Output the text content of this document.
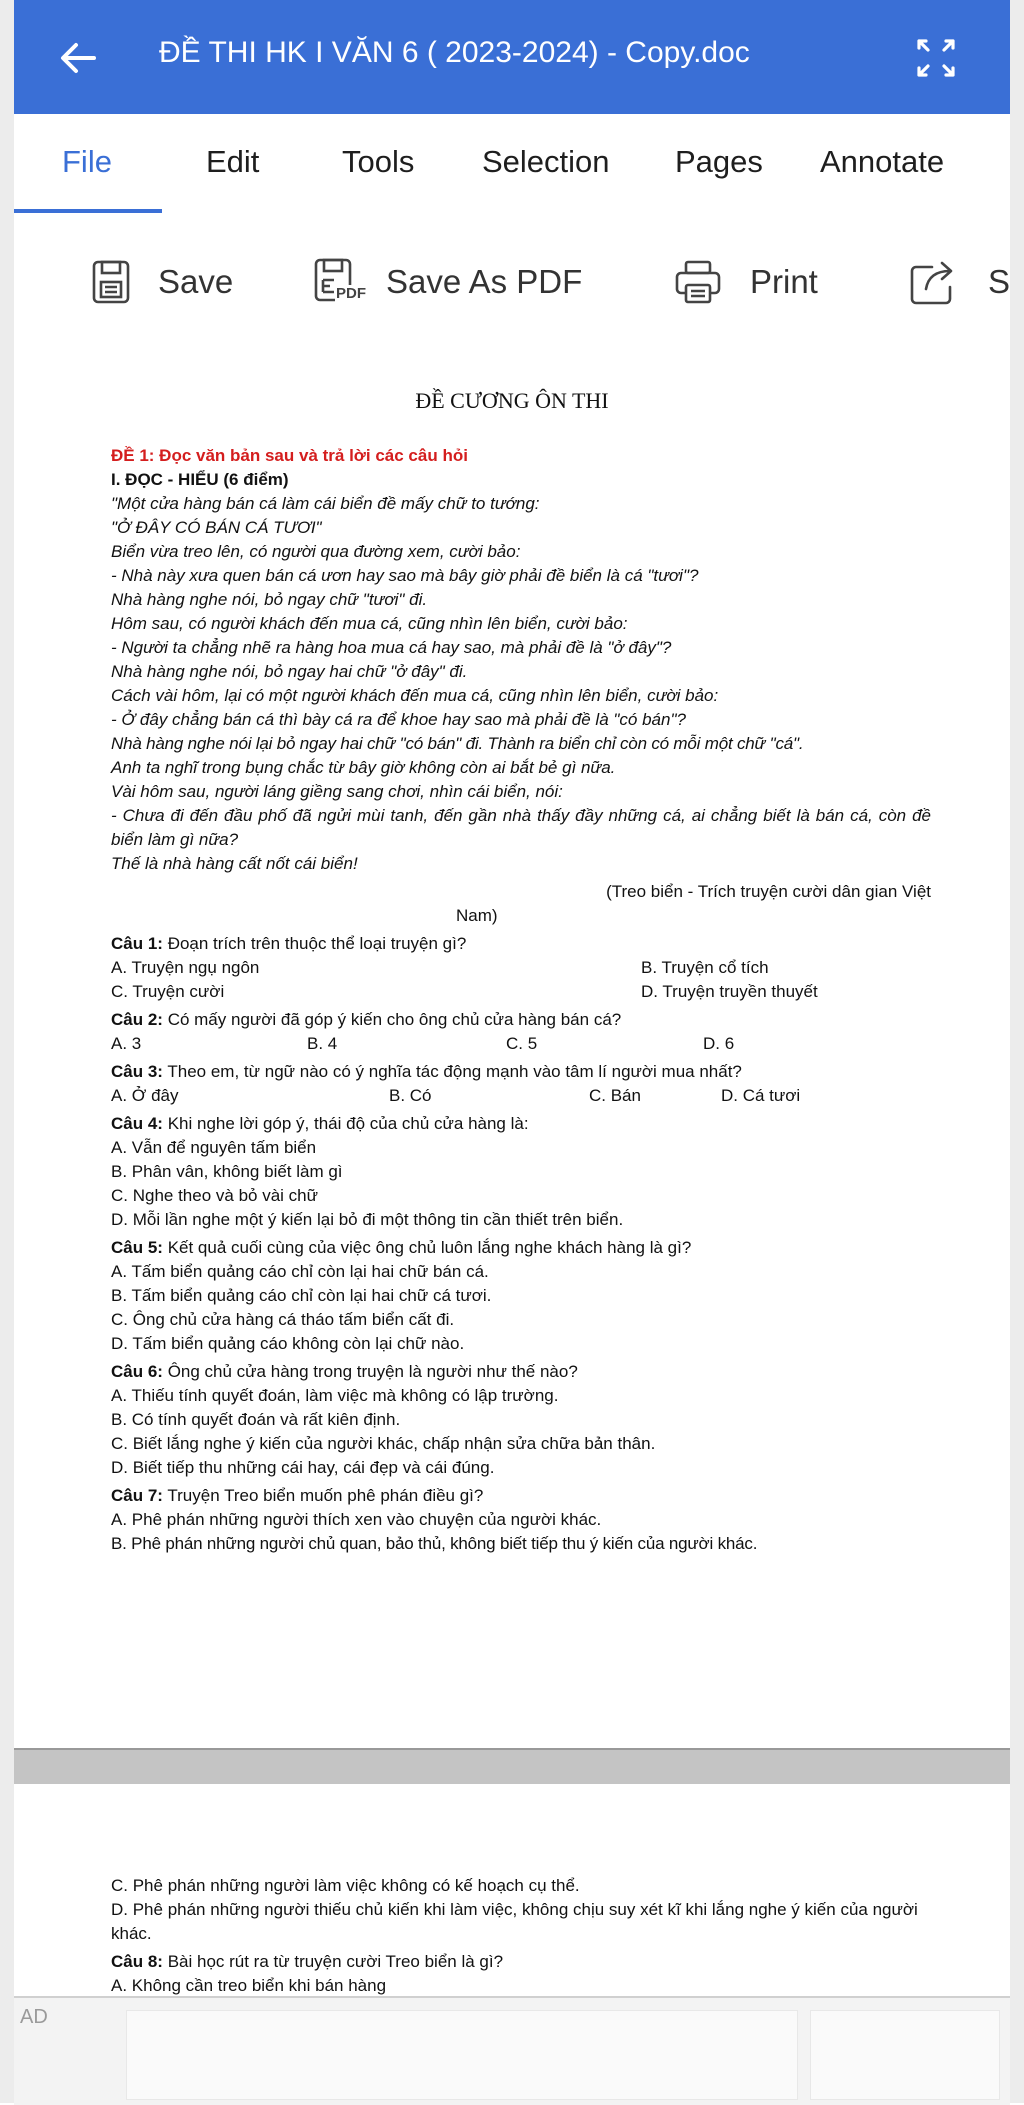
ĐỀ THI HK I VĂN 6 ( 2023-2024) - Copy.doc
File	Edit	Tools Selection Pages Annotate
Save	PDF Save As PDF	Print	S
ĐỀ CƯƠNG ÔN THI

ĐỀ 1: Đọc văn bản sau và trả lời các câu hỏi

I. ĐỌC - HIỂU (6 điểm)

"Một cửa hàng bán cá làm cái biển đề mấy chữ to tướng:

"Ở ĐÂY CÓ BÁN CÁ TƯƠI"

Biển vừa treo lên, có người qua đường xem, cười bảo:

- Nhà này xưa quen bán cá ươn hay sao mà bây giờ phải đề biển là cá "tươi"?

Nhà hàng nghe nói, bỏ ngay chữ "tươi" đi.

Hôm sau, có người khách đến mua cá, cũng nhìn lên biển, cười bảo:

- Người ta chẳng nhẽ ra hàng hoa mua cá hay sao, mà phải đề là "ở đây"?

Nhà hàng nghe nói, bỏ ngay hai chữ "ở đây" đi.

Cách vài hôm, lại có một người khách đến mua cá, cũng nhìn lên biển, cười bảo:

- Ở đây chẳng bán cá thì bày cá ra để khoe hay sao mà phải đề là "có bán"?

Nhà hàng nghe nói lại bỏ ngay hai chữ "có bán" đi. Thành ra biển chỉ còn có mỗi một chữ "cá".

Anh ta nghĩ trong bụng chắc từ bây giờ không còn ai bắt bẻ gì nữa.

Vài hôm sau, người láng giềng sang chơi, nhìn cái biển, nói:

- Chưa đi đến đầu phố đã ngửi mùi tanh, đến gần nhà thấy đầy những cá, ai chẳng biết là bán cá, còn đề biển làm gì nữa?

Thế là nhà hàng cất nốt cái biển!

(Treo biển - Trích truyện cười dân gian Việt

Nam)

Câu 1: Đoạn trích trên thuộc thể loại truyện gì?

A. Truyện ngụ ngôn	B. Truyện cổ tích
C. Truyện cười	D. Truyện truyền thuyết

Câu 2: Có mấy người đã góp ý kiến cho ông chủ cửa hàng bán cá?

A. 3	B. 4	C. 5	D. 6

Câu 3: Theo em, từ ngữ nào có ý nghĩa tác động mạnh vào tâm lí người mua nhất?

A. Ở đây	B. Có	C. Bán	D. Cá tươi

Câu 4: Khi nghe lời góp ý, thái độ của chủ cửa hàng là:

A. Vẫn để nguyên tấm biển

B. Phân vân, không biết làm gì

C. Nghe theo và bỏ vài chữ

D. Mỗi lần nghe một ý kiến lại bỏ đi một thông tin cần thiết trên biển.

Câu 5: Kết quả cuối cùng của việc ông chủ luôn lắng nghe khách hàng là gì?

A. Tấm biển quảng cáo chỉ còn lại hai chữ bán cá.

B. Tấm biển quảng cáo chỉ còn lại hai chữ cá tươi.

C. Ông chủ cửa hàng cá tháo tấm biển cất đi.

D. Tấm biển quảng cáo không còn lại chữ nào.

Câu 6: Ông chủ cửa hàng trong truyện là người như thế nào?

A. Thiếu tính quyết đoán, làm việc mà không có lập trường.

B. Có tính quyết đoán và rất kiên định.

C. Biết lắng nghe ý kiến của người khác, chấp nhận sửa chữa bản thân.

D. Biết tiếp thu những cái hay, cái đẹp và cái đúng.

Câu 7: Truyện Treo biển muốn phê phán điều gì?

A. Phê phán những người thích xen vào chuyện của người khác.

B. Phê phán những người chủ quan, bảo thủ, không biết tiếp thu ý kiến của người khác.

C. Phê phán những người làm việc không có kế hoạch cụ thể.

D. Phê phán những người thiếu chủ kiến khi làm việc, không chịu suy xét kĩ khi lắng nghe ý kiến của người khác.

Câu 8: Bài học rút ra từ truyện cười Treo biển là gì?

A. Không cần treo biển khi bán hàng

AD
